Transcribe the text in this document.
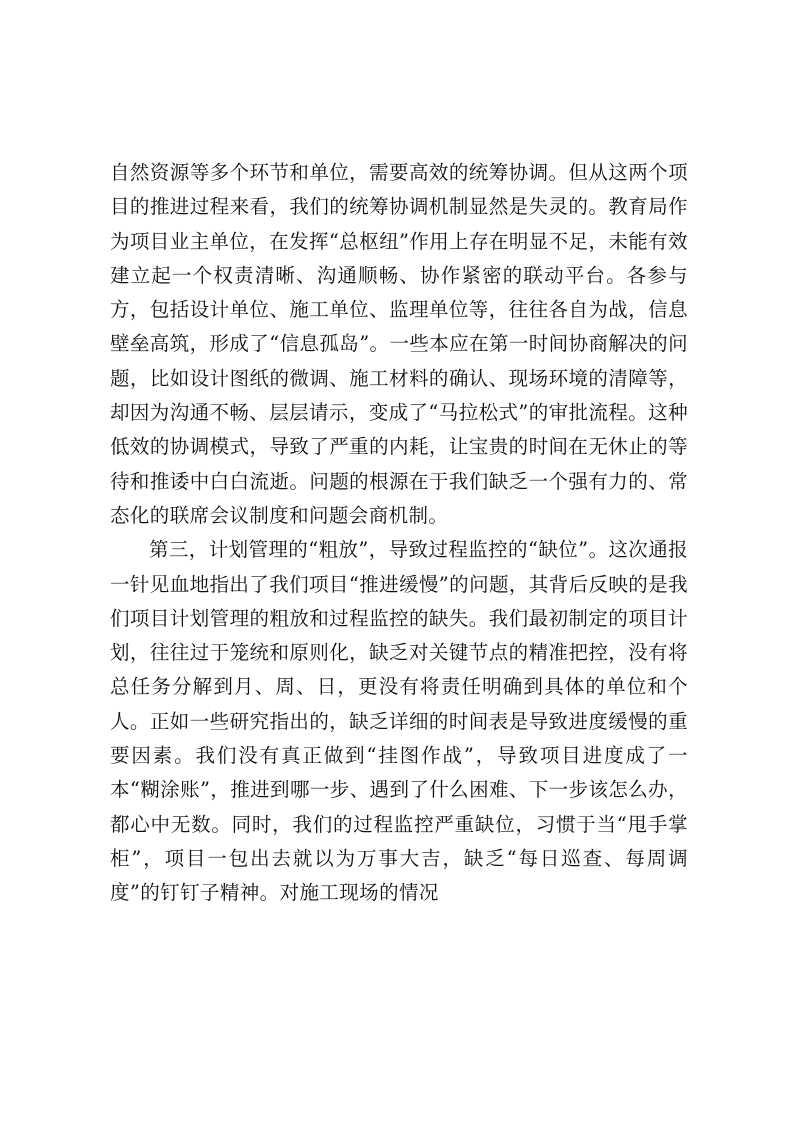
自然资源等多个环节和单位，需要高效的统筹协调。但从这两个项目的推进过程来看，我们的统筹协调机制显然是失灵的。教育局作为项目业主单位，在发挥“总枢纽”作用上存在明显不足，未能有效建立起一个权责清晰、沟通顺畅、协作紧密的联动平台。各参与方，包括设计单位、施工单位、监理单位等，往往各自为战，信息壁垒高筑，形成了“信息孤岛”。一些本应在第一时间协商解决的问题，比如设计图纸的微调、施工材料的确认、现场环境的清障等，却因为沟通不畅、层层请示，变成了“马拉松式”的审批流程。这种低效的协调模式，导致了严重的内耗，让宝贵的时间在无休止的等待和推诿中白白流逝。问题的根源在于我们缺乏一个强有力的、常态化的联席会议制度和问题会商机制。

第三，计划管理的“粗放”，导致过程监控的“缺位”。这次通报一针见血地指出了我们项目“推进缓慢”的问题，其背后反映的是我们项目计划管理的粗放和过程监控的缺失。我们最初制定的项目计划，往往过于笼统和原则化，缺乏对关键节点的精准把控，没有将总任务分解到月、周、日，更没有将责任明确到具体的单位和个人。正如一些研究指出的，缺乏详细的时间表是导致进度缓慢的重要因素。我们没有真正做到“挂图作战”，导致项目进度成了一本“糊涂账”，推进到哪一步、遇到了什么困难、下一步该怎么办，都心中无数。同时，我们的过程监控严重缺位，习惯于当“甩手掌柜”，项目一包出去就以为万事大吉，缺乏“每日巡查、每周调度”的钉钉子精神。对施工现场的情况
